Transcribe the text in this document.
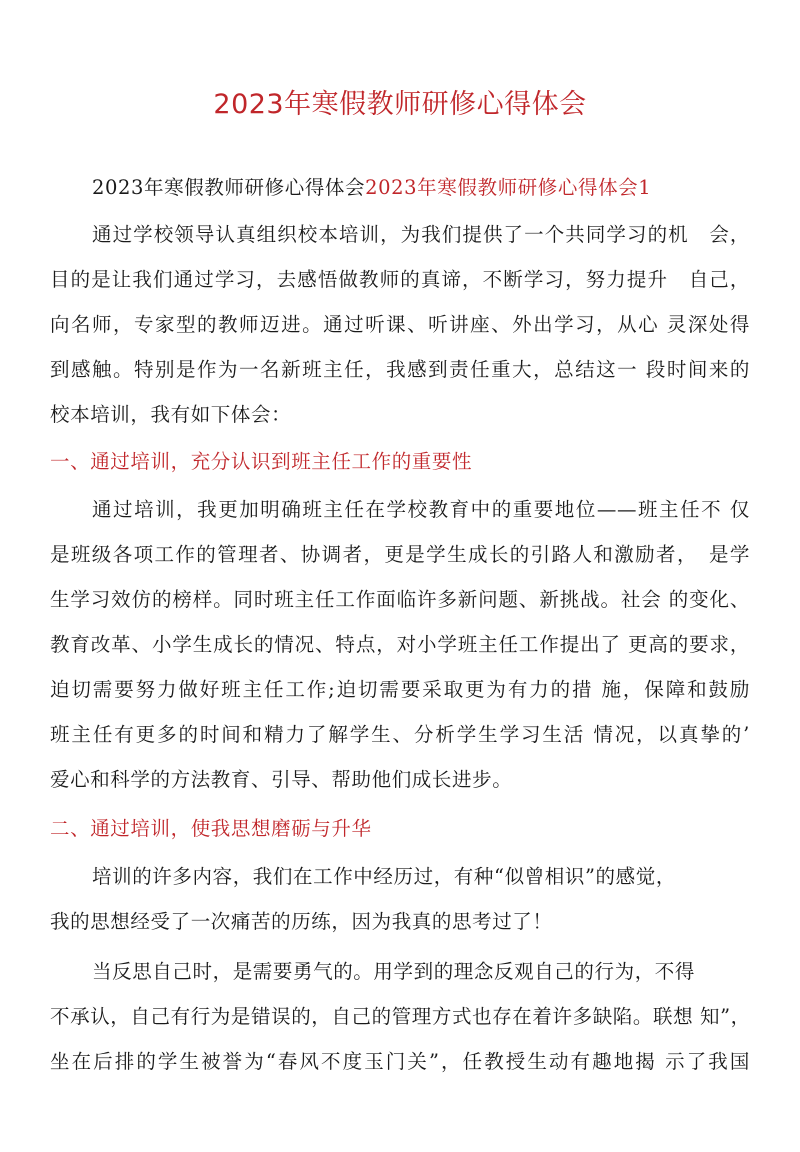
2023年寒假教师研修心得体会
2023年寒假教师研修心得体会2023年寒假教师研修心得体会1
通过学校领导认真组织校本培训，为我们提供了一个共同学习的机　会，
目的是让我们通过学习，去感悟做教师的真谛，不断学习，努力提升　自己，
向名师，专家型的教师迈进。通过听课、听讲座、外出学习，从心 灵深处得
到感触。特别是作为一名新班主任，我感到责任重大，总结这一 段时间来的
校本培训，我有如下体会：
一、通过培训，充分认识到班主任工作的重要性
通过培训，我更加明确班主任在学校教育中的重要地位——班主任不 仅
是班级各项工作的管理者、协调者，更是学生成长的引路人和激励者，　是学
生学习效仿的榜样。同时班主任工作面临许多新问题、新挑战。社会 的变化、
教育改革、小学生成长的情况、特点，对小学班主任工作提出了 更高的要求，
迫切需要努力做好班主任工作;迫切需要采取更为有力的措 施，保障和鼓励
班主任有更多的时间和精力了解学生、分析学生学习生活 情况，以真挚的’
爱心和科学的方法教育、引导、帮助他们成长进步。
二、通过培训，使我思想磨砺与升华
培训的许多内容，我们在工作中经历过，有种“似曾相识”的感觉，
我的思想经受了一次痛苦的历练，因为我真的思考过了！
当反思自己时，是需要勇气的。用学到的理念反观自己的行为，不得
不承认，自己有行为是错误的，自己的管理方式也存在着许多缺陷。联想 知”，
坐在后排的学生被誉为“春风不度玉门关”，任教授生动有趣地揭 示了我国
